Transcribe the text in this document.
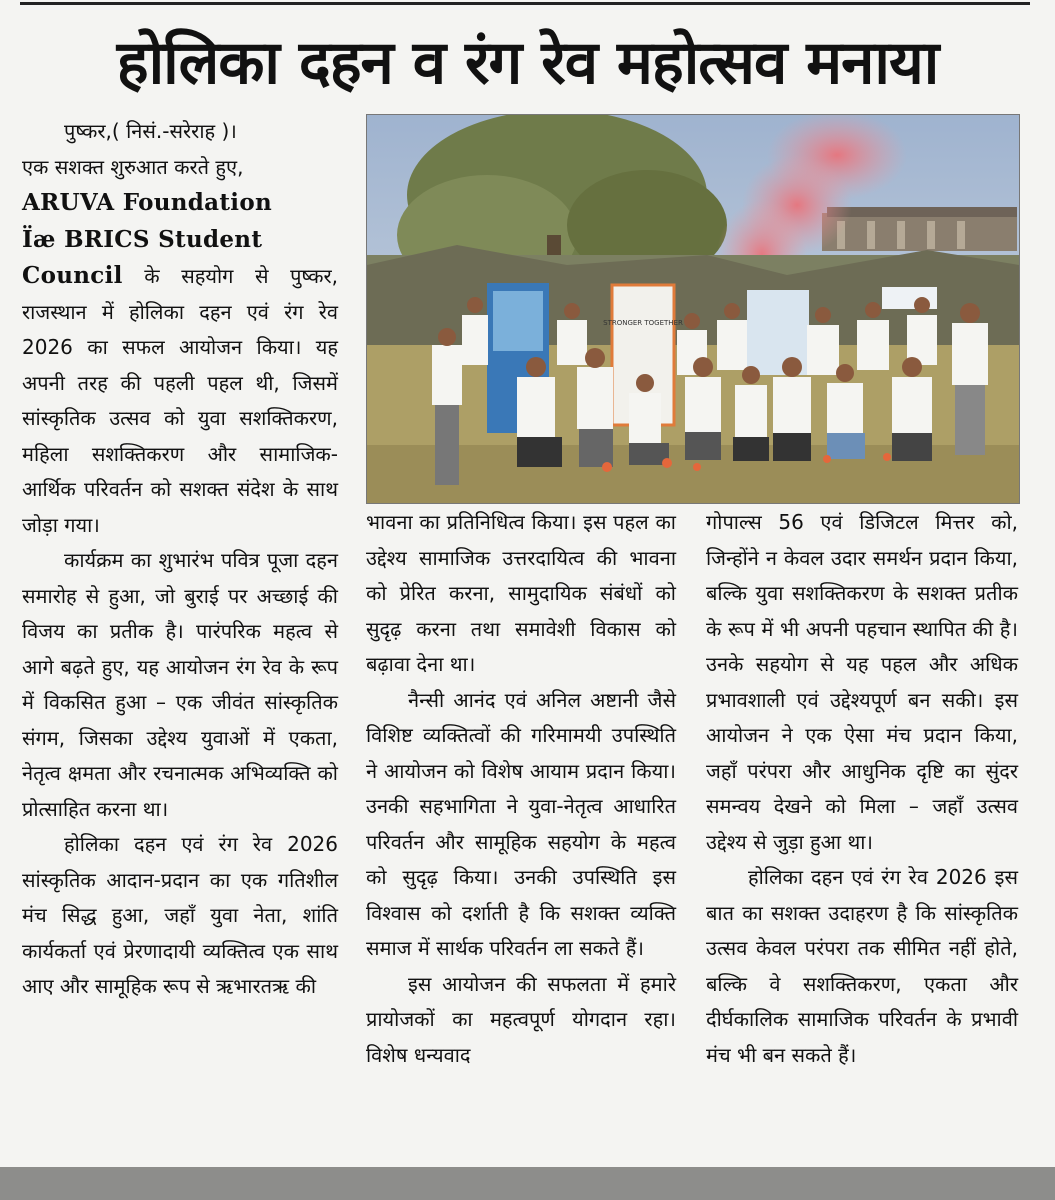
होलिका दहन व रंग रेव महोत्सव मनाया

पुष्कर,( निसं.-सरेराह )।

एक सशक्त शुरुआत करते हुए,
ARUVA Foundation
Ïæ BRICS Student
Council के सहयोग से पुष्कर, राजस्थान में होलिका दहन एवं रंग रेव 2026 का सफल आयोजन किया। यह अपनी तरह की पहली पहल थी, जिसमें सांस्कृतिक उत्सव को युवा सशक्तिकरण, महिला सशक्तिकरण और सामाजिक-आर्थिक परिवर्तन को सशक्त संदेश के साथ जोड़ा गया।

कार्यक्रम का शुभारंभ पवित्र पूजा दहन समारोह से हुआ, जो बुराई पर अच्छाई की विजय का प्रतीक है। पारंपरिक महत्व से आगे बढ़ते हुए, यह आयोजन रंग रेव के रूप में विकसित हुआ – एक जीवंत सांस्कृतिक संगम, जिसका उद्देश्य युवाओं में एकता, नेतृत्व क्षमता और रचनात्मक अभिव्यक्ति को प्रोत्साहित करना था।

होलिका दहन एवं रंग रेव 2026 सांस्कृतिक आदान-प्रदान का एक गतिशील मंच सिद्ध हुआ, जहाँ युवा नेता, शांति कार्यकर्ता एवं प्रेरणादायी व्यक्तित्व एक साथ आए और सामूहिक रूप से ऋभारतऋ की

STRONGER TOGETHER

भावना का प्रतिनिधित्व किया। इस पहल का उद्देश्य सामाजिक उत्तरदायित्व की भावना को प्रेरित करना, सामुदायिक संबंधों को सुदृढ़ करना तथा समावेशी विकास को बढ़ावा देना था।

नैन्सी आनंद एवं अनिल अष्टानी जैसे विशिष्ट व्यक्तित्वों की गरिमामयी उपस्थिति ने आयोजन को विशेष आयाम प्रदान किया। उनकी सहभागिता ने युवा-नेतृत्व आधारित परिवर्तन और सामूहिक सहयोग के महत्व को सुदृढ़ किया। उनकी उपस्थिति इस विश्वास को दर्शाती है कि सशक्त व्यक्ति समाज में सार्थक परिवर्तन ला सकते हैं।

इस आयोजन की सफलता में हमारे प्रायोजकों का महत्वपूर्ण योगदान रहा। विशेष धन्यवाद

गोपाल्स 56 एवं डिजिटल मित्तर को, जिन्होंने न केवल उदार समर्थन प्रदान किया, बल्कि युवा सशक्तिकरण के सशक्त प्रतीक के रूप में भी अपनी पहचान स्थापित की है। उनके सहयोग से यह पहल और अधिक प्रभावशाली एवं उद्देश्यपूर्ण बन सकी। इस आयोजन ने एक ऐसा मंच प्रदान किया, जहाँ परंपरा और आधुनिक दृष्टि का सुंदर समन्वय देखने को मिला – जहाँ उत्सव उद्देश्य से जुड़ा हुआ था।

होलिका दहन एवं रंग रेव 2026 इस बात का सशक्त उदाहरण है कि सांस्कृतिक उत्सव केवल परंपरा तक सीमित नहीं होते, बल्कि वे सशक्तिकरण, एकता और दीर्घकालिक सामाजिक परिवर्तन के प्रभावी मंच भी बन सकते हैं।
